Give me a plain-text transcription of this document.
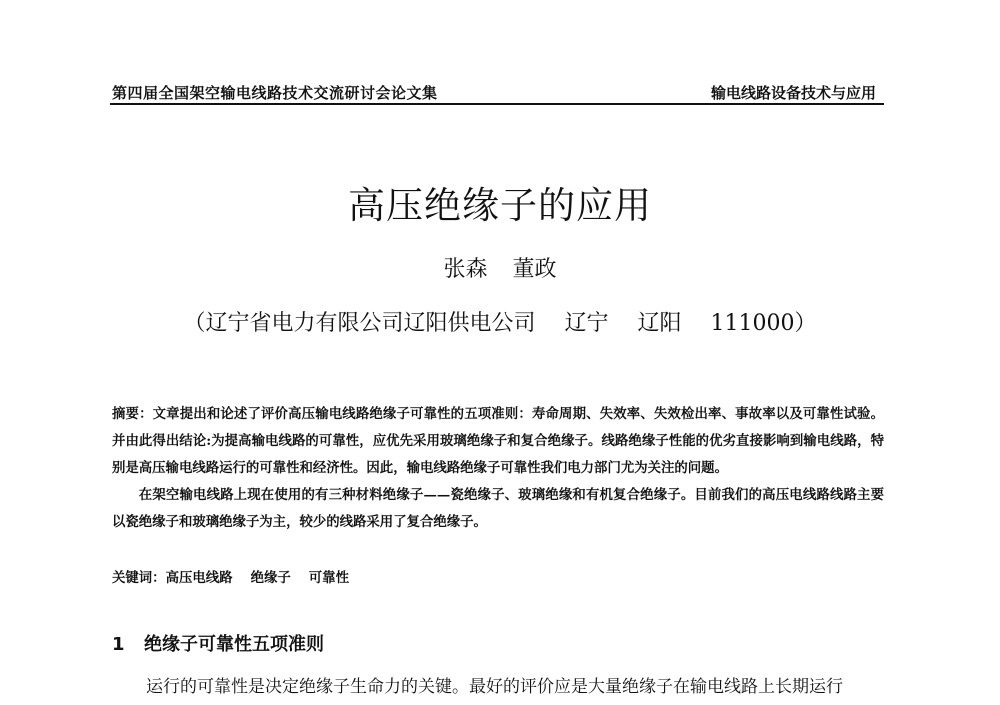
第四届全国架空输电线路技术交流研讨会论文集	输电线路设备技术与应用
高压绝缘子的应用
张森 董政
（辽宁省电力有限公司辽阳供电公司　 辽宁　 辽阳　 111000）

摘要：文章提出和论述了评价高压输电线路绝缘子可靠性的五项准则：寿命周期、失效率、失效检出率、事故率以及可靠性试验。 并由此得出结论:为提高输电线路的可靠性，应优先采用玻璃绝缘子和复合绝缘子。线路绝缘子性能的优劣直接影响到输电线路，特别是高压输电线路运行的可靠性和经济性。因此，输电线路绝缘子可靠性我们电力部门尤为关注的问题。

在架空输电线路上现在使用的有三种材料绝缘子——瓷绝缘子、玻璃绝缘和有机复合绝缘子。目前我们的高压电线路线路主要以瓷绝缘子和玻璃绝缘子为主，较少的线路采用了复合绝缘子。

关键词：高压电线路　 绝缘子　 可靠性
1 绝缘子可靠性五项准则
运行的可靠性是决定绝缘子生命力的关键。最好的评价应是大量绝缘子在输电线路上长期运行
